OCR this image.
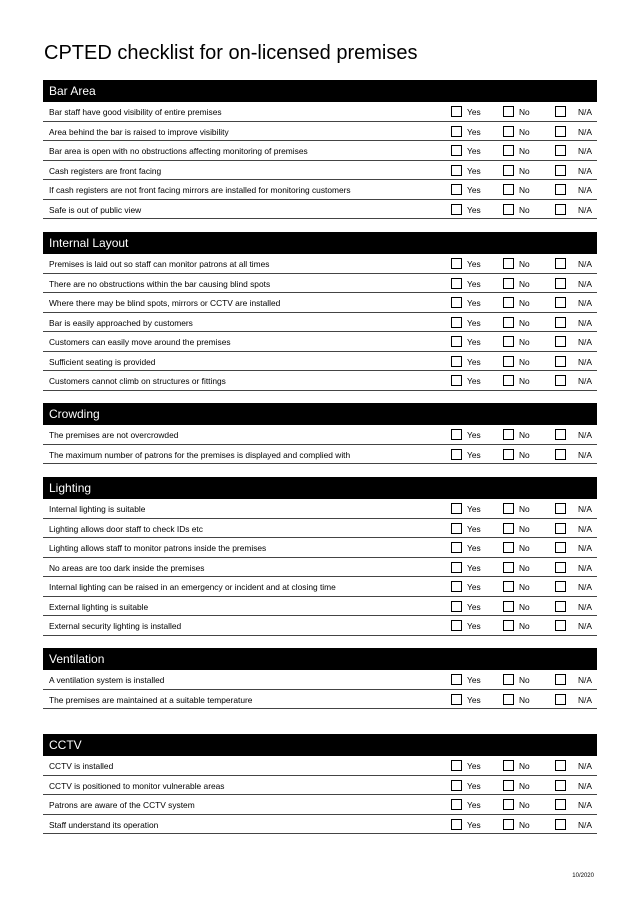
CPTED checklist for on-licensed premises
Bar Area
Bar staff have good visibility of entire premises	Yes	No	N/A
Area behind the bar is raised to improve visibility	Yes	No	N/A
Bar area is open with no obstructions affecting monitoring of premises	Yes	No	N/A
Cash registers are front facing	Yes	No	N/A
If cash registers are not front facing mirrors are installed for monitoring customers	Yes	No	N/A
Safe is out of public view	Yes	No	N/A
Internal Layout
Premises is laid out so staff can monitor patrons at all times	Yes	No	N/A
There are no obstructions within the bar causing blind spots	Yes	No	N/A
Where there may be blind spots, mirrors or CCTV are installed	Yes	No	N/A
Bar is easily approached by customers	Yes	No	N/A
Customers can easily move around the premises	Yes	No	N/A
Sufficient seating is provided	Yes	No	N/A
Customers cannot climb on structures or fittings	Yes	No	N/A
Crowding
The premises are not overcrowded	Yes	No	N/A
The maximum number of patrons for the premises is displayed and complied with	Yes	No	N/A
Lighting
Internal lighting is suitable	Yes	No	N/A
Lighting allows door staff to check IDs etc	Yes	No	N/A
Lighting allows staff to monitor patrons inside the premises	Yes	No	N/A
No areas are too dark inside the premises	Yes	No	N/A
Internal lighting can be raised in an emergency or incident and at closing time	Yes	No	N/A
External lighting is suitable	Yes	No	N/A
External security lighting is installed	Yes	No	N/A
Ventilation
A ventilation system is installed	Yes	No	N/A
The premises are maintained at a suitable temperature	Yes	No	N/A
CCTV
CCTV is installed	Yes	No	N/A
CCTV is positioned to monitor vulnerable areas	Yes	No	N/A
Patrons are aware of the CCTV system	Yes	No	N/A
Staff understand its operation	Yes	No	N/A
10/2020
